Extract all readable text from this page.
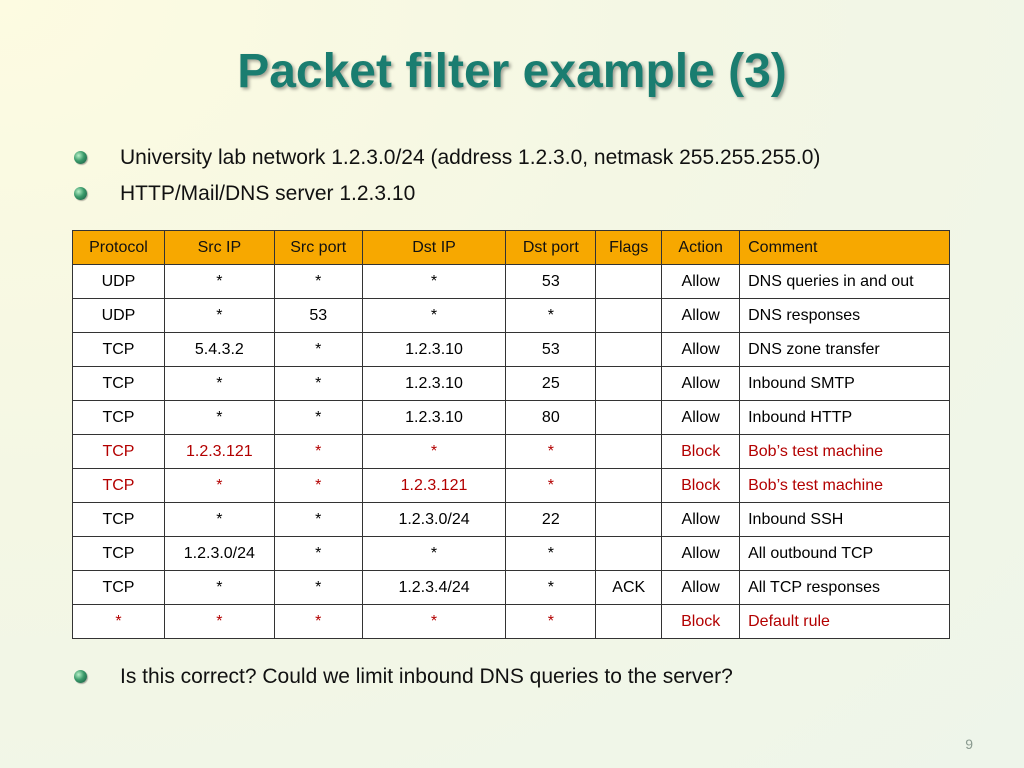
Packet filter example (3)
University lab network 1.2.3.0/24 (address 1.2.3.0, netmask 255.255.255.0)
HTTP/Mail/DNS server 1.2.3.10
Protocol	Src IP	Src port	Dst IP	Dst port	Flags	Action	Comment
UDP	*	*	*	53		Allow	DNS queries in and out
UDP	*	53	*	*		Allow	DNS responses
TCP	5.4.3.2	*	1.2.3.10	53		Allow	DNS zone transfer
TCP	*	*	1.2.3.10	25		Allow	Inbound SMTP
TCP	*	*	1.2.3.10	80		Allow	Inbound HTTP
TCP	1.2.3.121	*	*	*		Block	Bob’s test machine
TCP	*	*	1.2.3.121	*		Block	Bob’s test machine
TCP	*	*	1.2.3.0/24	22		Allow	Inbound SSH
TCP	1.2.3.0/24	*	*	*		Allow	All outbound TCP
TCP	*	*	1.2.3.4/24	*	ACK	Allow	All TCP responses
*	*	*	*	*		Block	Default rule
Is this correct? Could we limit inbound DNS queries to the server?
9
